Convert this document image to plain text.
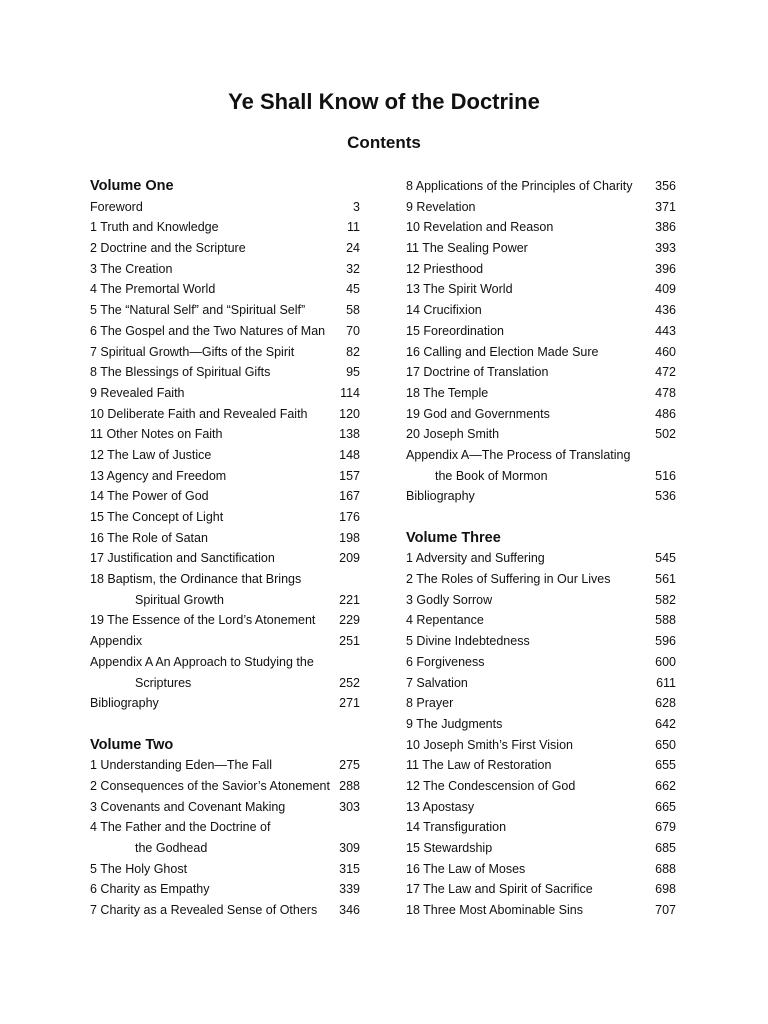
Ye Shall Know of the Doctrine
Contents
Volume One
Foreword	3
1 Truth and Knowledge	11
2 Doctrine and the Scripture	24
3 The Creation	32
4 The Premortal World	45
5 The “Natural Self” and “Spiritual Self”	58
6 The Gospel and the Two Natures of Man	70
7 Spiritual Growth—Gifts of the Spirit	82
8 The Blessings of Spiritual Gifts	95
9 Revealed Faith	114
10 Deliberate Faith and Revealed Faith	120
11 Other Notes on Faith	138
12 The Law of Justice	148
13 Agency and Freedom	157
14 The Power of God	167
15 The Concept of Light	176
16 The Role of Satan	198
17 Justification and Sanctification	209
18 Baptism, the Ordinance that Brings
Spiritual Growth	221
19 The Essence of the Lord’s Atonement 229
Appendix	251
Appendix A An Approach to Studying the
Scriptures	252
Bibliography	271
Volume Two
1 Understanding Eden—The Fall	275
2 Consequences of the Savior’s Atonement 288
3 Covenants and Covenant Making	303
4 The Father and the Doctrine of
the Godhead	309
5 The Holy Ghost	315
6 Charity as Empathy	339
7 Charity as a Revealed Sense of Others 346
8 Applications of the Principles of Charity 356
9 Revelation	371
10 Revelation and Reason	386
11 The Sealing Power	393
12 Priesthood	396
13 The Spirit World	409
14 Crucifixion	436
15 Foreordination	443
16 Calling and Election Made Sure	460
17 Doctrine of Translation	472
18 The Temple	478
19 God and Governments	486
20 Joseph Smith	502
Appendix A—The Process of Translating
the Book of Mormon	516
Bibliography	536
Volume Three
1 Adversity and Suffering	545
2 The Roles of Suffering in Our Lives	561
3 Godly Sorrow	582
4 Repentance	588
5 Divine Indebtedness	596
6 Forgiveness	600
7 Salvation	611
8 Prayer	628
9 The Judgments	642
10 Joseph Smith’s First Vision	650
11 The Law of Restoration	655
12 The Condescension of God	662
13 Apostasy	665
14 Transfiguration	679
15 Stewardship	685
16 The Law of Moses	688
17 The Law and Spirit of Sacrifice	698
18 Three Most Abominable Sins	707
